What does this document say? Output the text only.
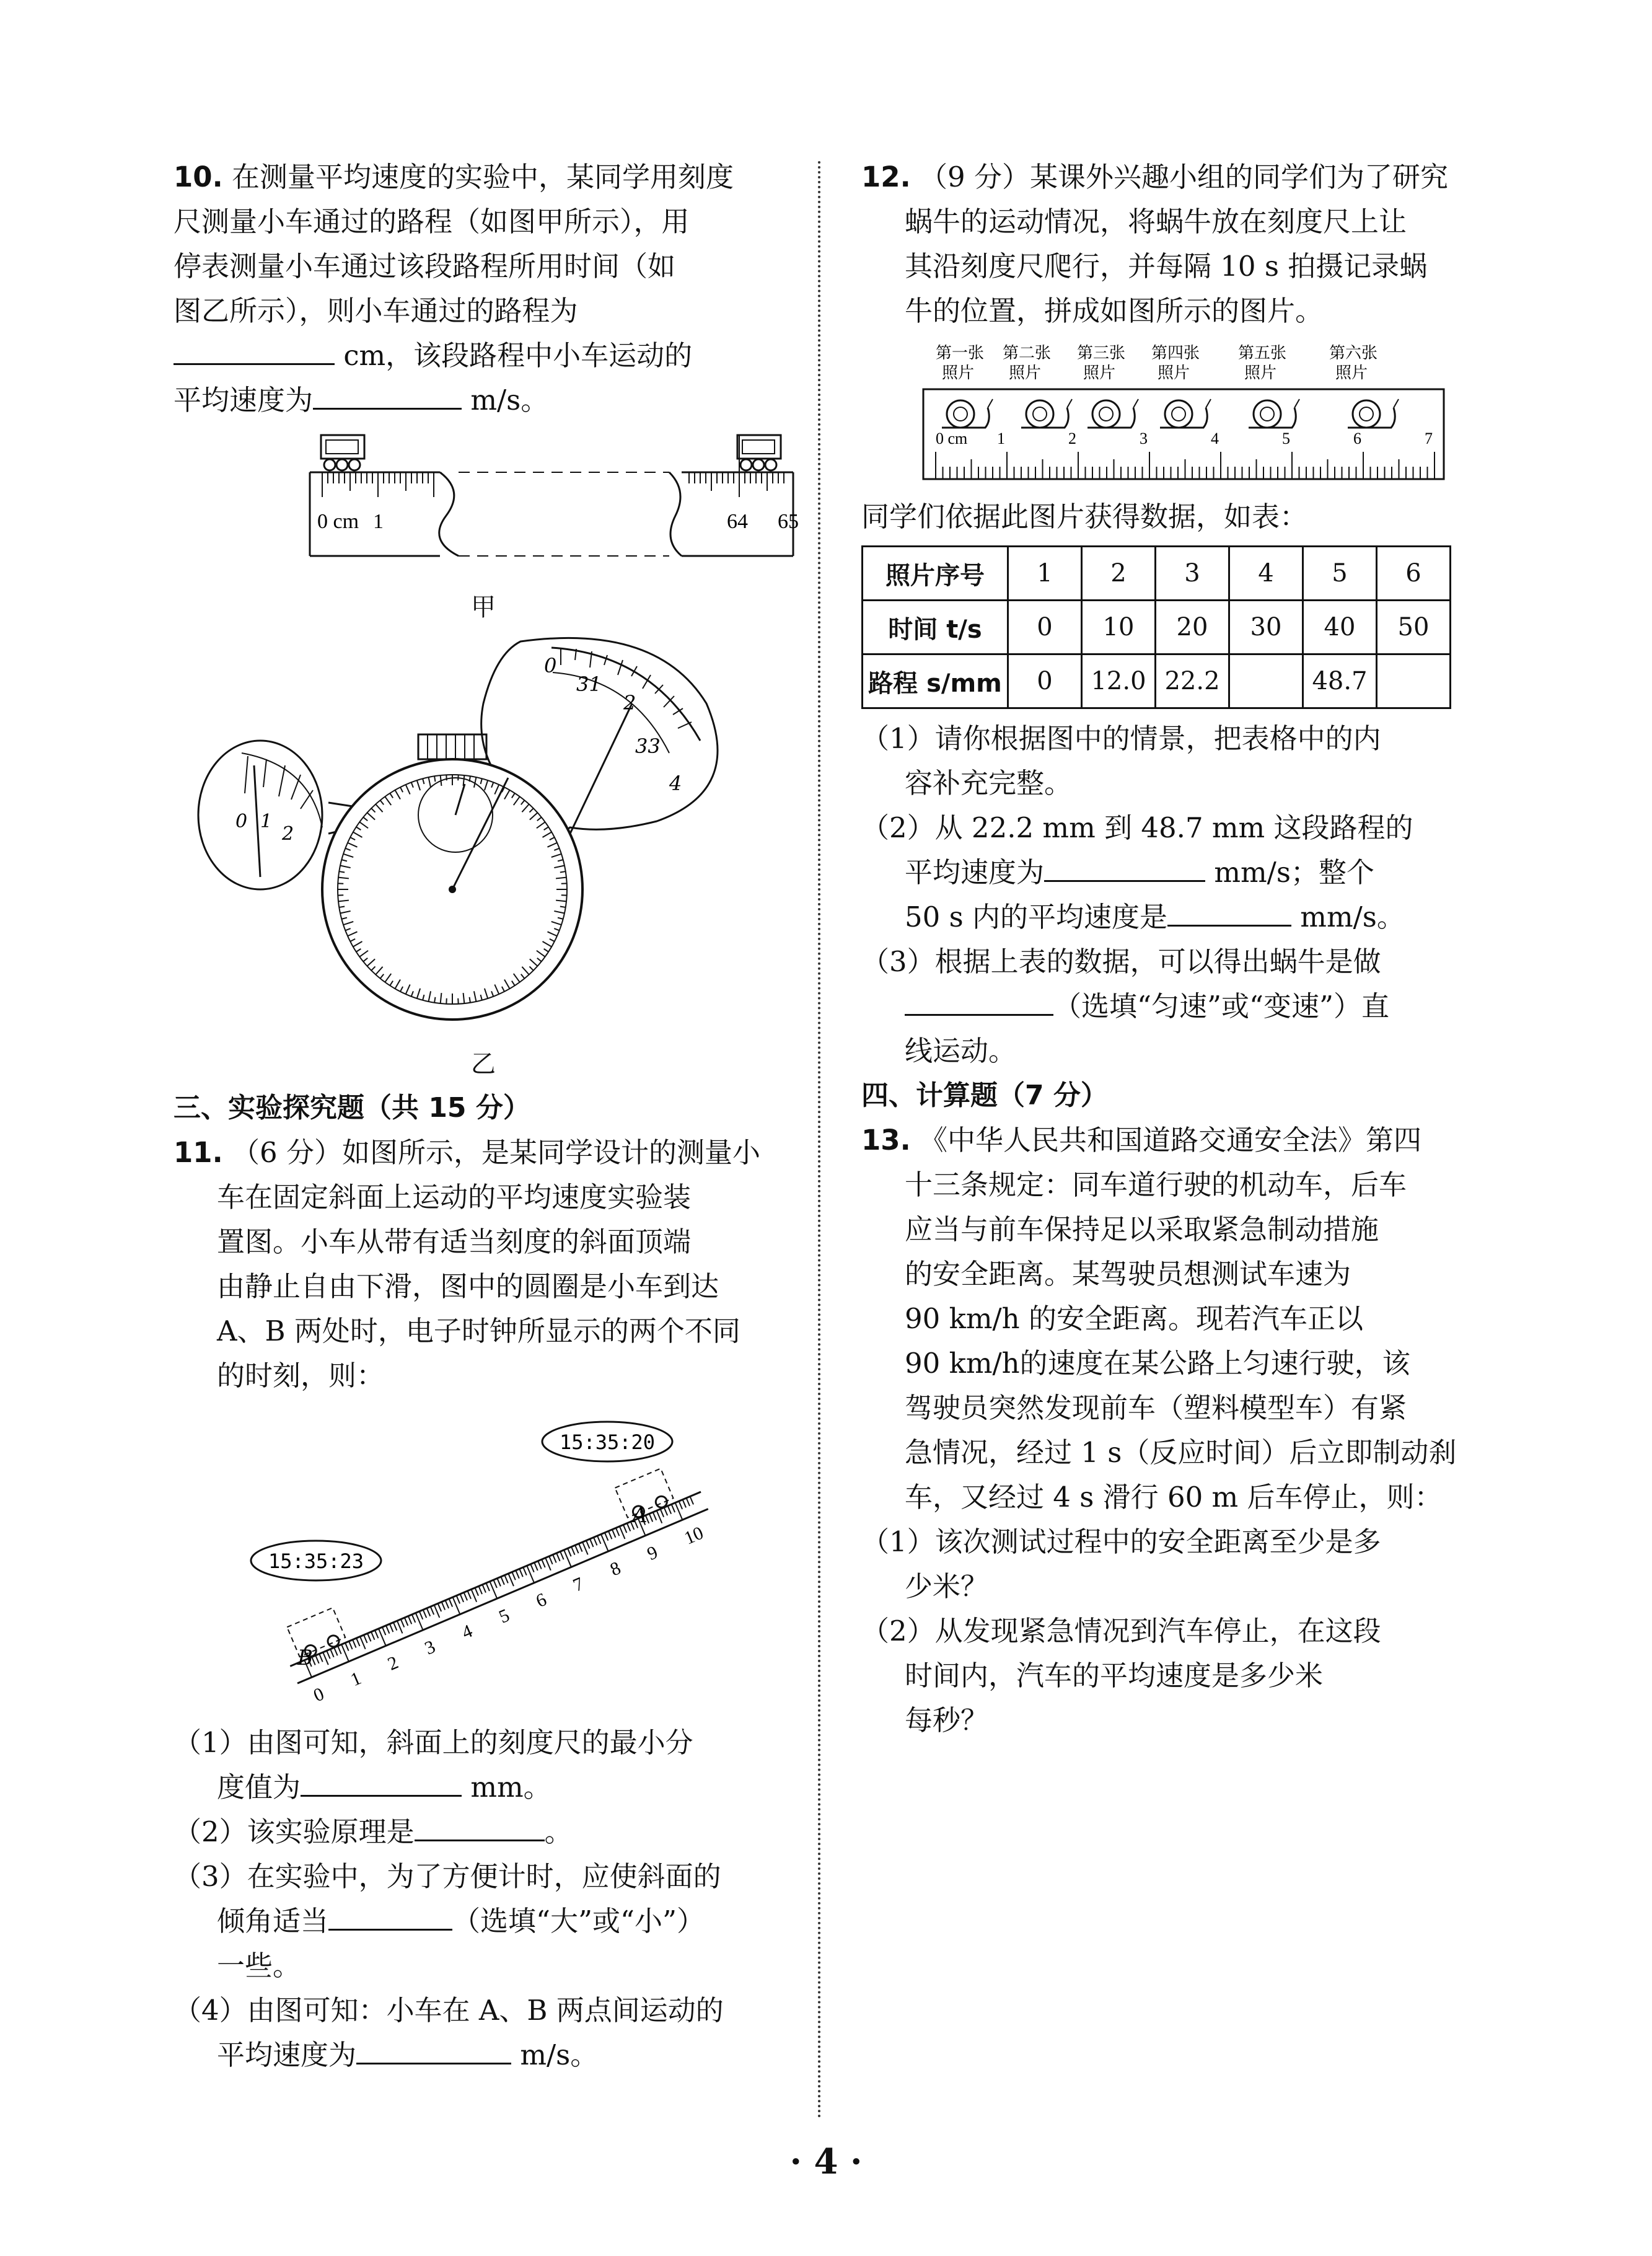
10. 在测量平均速度的实验中，某同学用刻度
尺测量小车通过的路程（如图甲所示），用
停表测量小车通过该段路程所用时间（如
图乙所示），则小车通过的路程为
cm，该段路程中小车运动的
平均速度为	m/s。

0 cm 1	64 65
甲
0
31
2
33
4
0 1
2
乙

三、实验探究题（共 15 分）

11. （6 分）如图所示，是某同学设计的测量小
车在固定斜面上运动的平均速度实验装
置图。小车从带有适当刻度的斜面顶端
由静止自由下滑，图中的圆圈是小车到达
A、B 两处时，电子时钟所显示的两个不同
的时刻，则：

15:35:20
15:35:23
0
1
2
3
4
5
6
7
8
9
10
B
A

（1）由图可知，斜面上的刻度尺的最小分

度值为	mm。

（2）该实验原理是	。

（3）在实验中，为了方便计时，应使斜面的

倾角适当	（选填“大”或“小”）

一些。

（4）由图可知：小车在 A、B 两点间运动的

平均速度为	m/s。

12. （9 分）某课外兴趣小组的同学们为了研究
蜗牛的运动情况，将蜗牛放在刻度尺上让
其沿刻度尺爬行，并每隔 10 s 拍摄记录蜗
牛的位置，拼成如图所示的图片。

第一张
照片
第二张
照片
第三张
照片
第四张
照片
第五张
照片
第六张
照片
0 cm 1	2	3	4	5	6	7

同学们依据此图片获得数据，如表：

照片序号	1	2	3	4	5	6
时间 t/s	0	10	20	30	40	50
路程 s/mm	0	12.0	22.2		48.7	

（1）请你根据图中的情景，把表格中的内

容补充完整。

（2）从 22.2 mm 到 48.7 mm 这段路程的

平均速度为	mm/s；整个

50 s 内的平均速度是	mm/s。

（3）根据上表的数据，可以得出蜗牛是做

（选填“匀速”或“变速”）直

线运动。

四、计算题（7 分）

13. 《中华人民共和国道路交通安全法》第四
十三条规定：同车道行驶的机动车，后车
应当与前车保持足以采取紧急制动措施
的安全距离。某驾驶员想测试车速为
90 km/h 的安全距离。现若汽车正以
90 km/h的速度在某公路上匀速行驶，该
驾驶员突然发现前车（塑料模型车）有紧
急情况，经过 1 s（反应时间）后立即制动刹
车，又经过 4 s 滑行 60 m 后车停止，则：

（1）该次测试过程中的安全距离至少是多

少米？

（2）从发现紧急情况到汽车停止，在这段

时间内，汽车的平均速度是多少米

每秒？

· 4 ·
